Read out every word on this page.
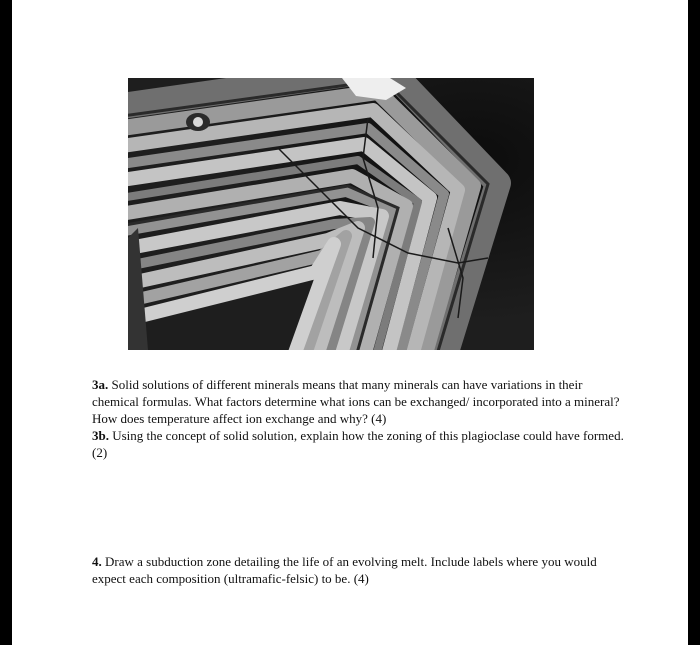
3a. Solid solutions of different minerals means that many minerals can have variations in their chemical formulas. What factors determine what ions can be exchanged/ incorporated into a mineral? How does temperature affect ion exchange and why? (4)

3b. Using the concept of solid solution, explain how the zoning of this plagioclase could have formed. (2)

4. Draw a subduction zone detailing the life of an evolving melt. Include labels where you would expect each composition (ultramafic-felsic) to be. (4)
